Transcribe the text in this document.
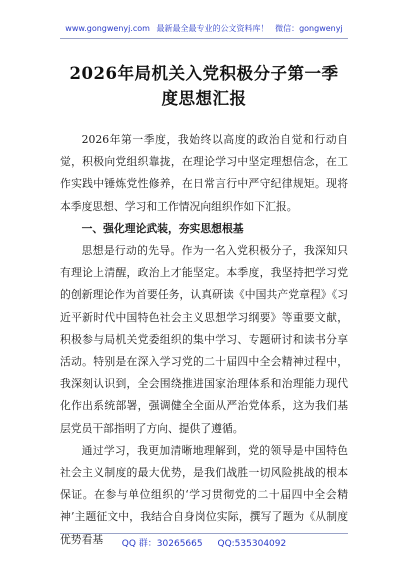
www.gongwenyj.com 最新最全最专业的公文资料库！ 微信：gongwenyj
2026年局机关入党积极分子第一季度思想汇报

2026年第一季度，我始终以高度的政治自觉和行动自觉，积极向党组织靠拢，在理论学习中坚定理想信念，在工作实践中锤炼党性修养，在日常言行中严守纪律规矩。现将本季度思想、学习和工作情况向组织作如下汇报。

一、强化理论武装，夯实思想根基

思想是行动的先导。作为一名入党积极分子，我深知只有理论上清醒，政治上才能坚定。本季度，我坚持把学习党的创新理论作为首要任务，认真研读《中国共产党章程》《习近平新时代中国特色社会主义思想学习纲要》等重要文献，积极参与局机关党委组织的集中学习、专题研讨和读书分享活动。特别是在深入学习党的二十届四中全会精神过程中，我深刻认识到，全会围绕推进国家治理体系和治理能力现代化作出系统部署，强调健全全面从严治党体系，这为我们基层党员干部指明了方向、提供了遵循。

通过学习，我更加清晰地理解到，党的领导是中国特色社会主义制度的最大优势，是我们战胜一切风险挑战的根本保证。在参与单位组织的‘学习贯彻党的二十届四中全会精神’主题征文中，我结合自身岗位实际，撰写了题为《从制度优势看基	QQ 群：30265665 QQ:535304092
